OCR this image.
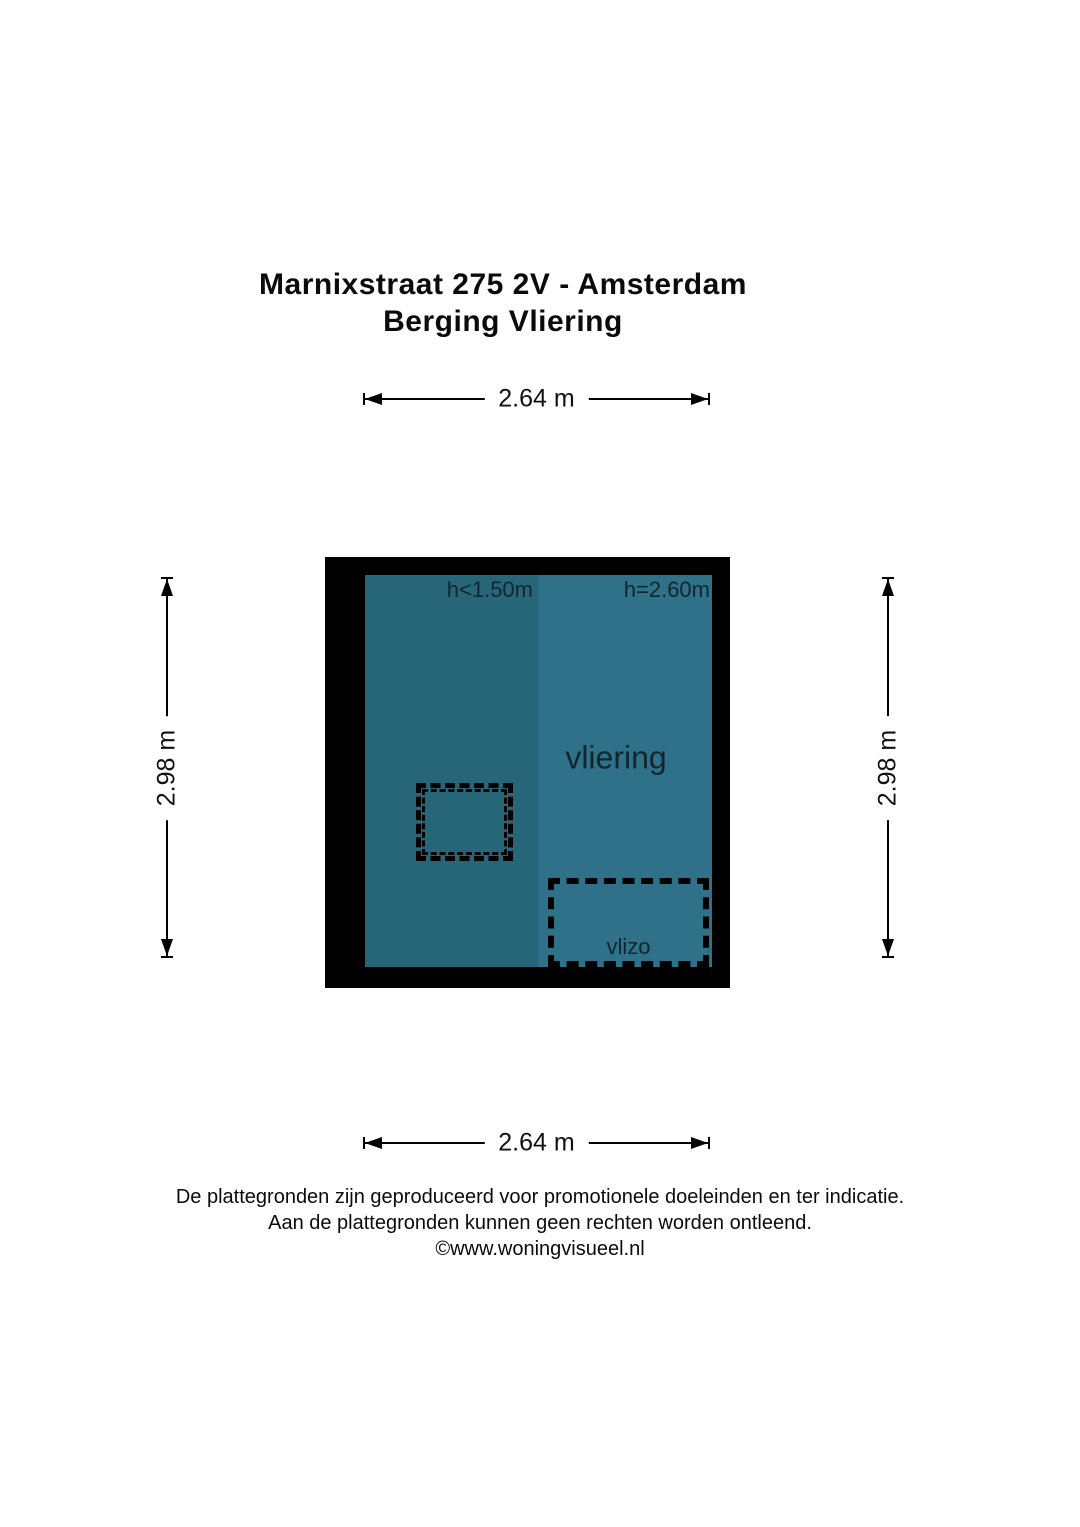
Marnixstraat 275 2V - Amsterdam
Berging Vliering
2.64 m
2.98 m	2.98 m
h<1.50m	h=2.60m
vliering
vlizo
2.64 m
De plattegronden zijn geproduceerd voor promotionele doeleinden en ter indicatie.
Aan de plattegronden kunnen geen rechten worden ontleend.
©www.woningvisueel.nl
